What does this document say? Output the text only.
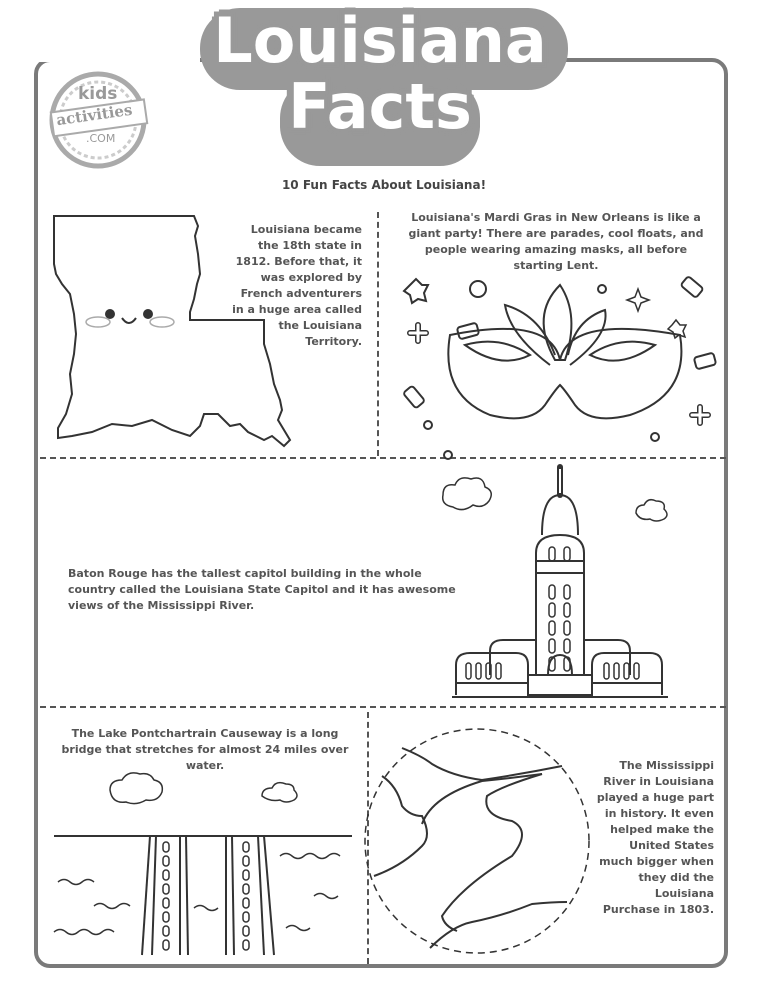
Louisiana
Facts
kids
activities
.COM
10 Fun Facts About Louisiana!
Louisiana became the 18th state in 1812. Before that, it was explored by French adventurers in a huge area called the Louisiana Territory.
Louisiana's Mardi Gras in New Orleans is like a giant party! There are parades, cool floats, and people wearing amazing masks, all before starting Lent.
Baton Rouge has the tallest capitol building in the whole country called the Louisiana State Capitol and it has awesome views of the Mississippi River.
The Lake Pontchartrain Causeway is a long bridge that stretches for almost 24 miles over water.	The Mississippi River in Louisiana played a huge part in history. It even helped make the United States much bigger when they did the Louisiana Purchase in 1803.
